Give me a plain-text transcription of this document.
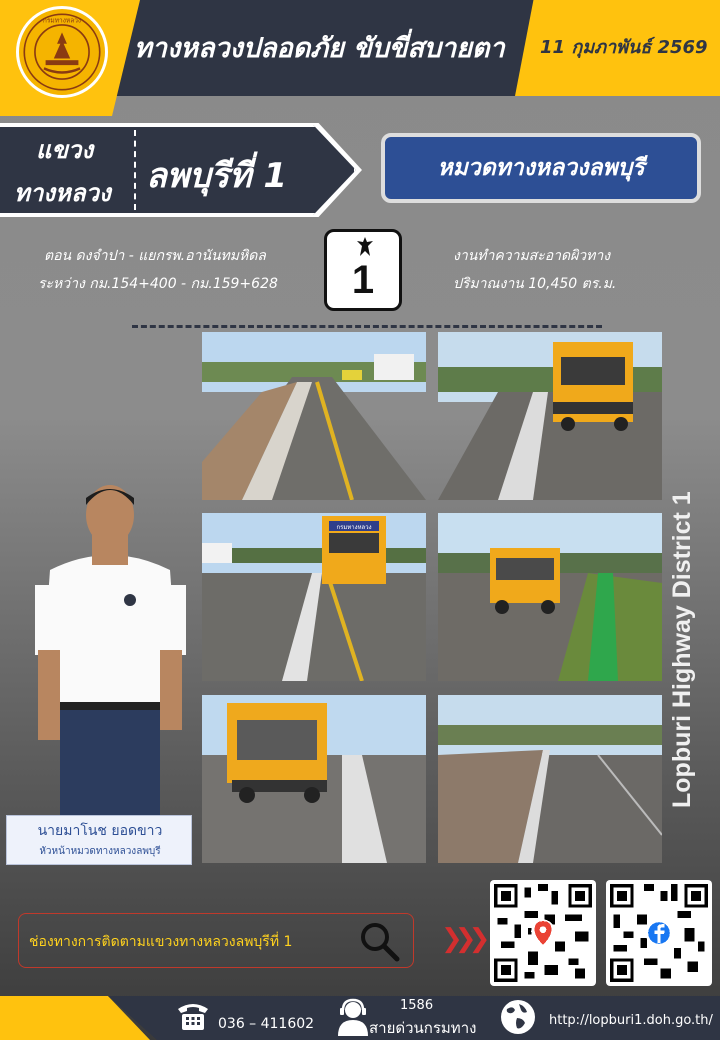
กรมทางหลวง
ทางหลวงปลอดภัย ขับขี่สบายตา 11 กุมภาพันธ์ 2569
แขวง
ทางหลวง ลพบุรีที่ 1	หมวดทางหลวงลพบุรี
ตอน ดงจำปา - แยกรพ.อานันทมหิดล
ระหว่าง กม.154+400 - กม.159+628	1
งานทำความสะอาดผิวทาง
ปริมาณงาน 10,450 ตร.ม.
กรมทางหลวง	Lopburi Highway District 1
นายมาโนช ยอดขาว
หัวหน้าหมวดทางหลวงลพบุรี
ช่องทางการติดตามแขวงทางหลวงลพบุรีที่ 1	❯❯❯
036 – 411602
1586
สายด่วนกรมทาง	http://lopburi1.doh.go.th/
